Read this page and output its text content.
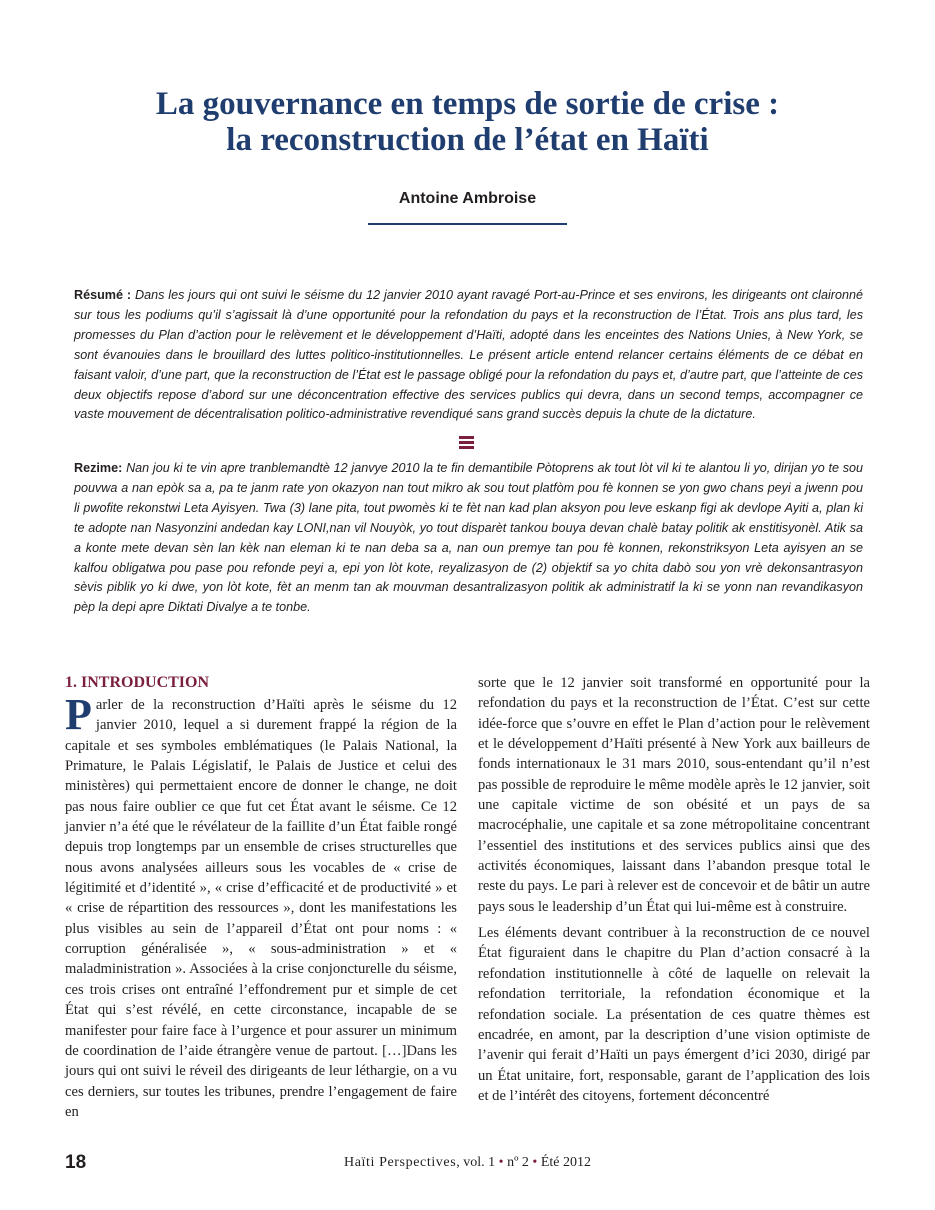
La gouvernance en temps de sortie de crise :
la reconstruction de l’état en Haïti
Antoine Ambroise

Résumé : Dans les jours qui ont suivi le séisme du 12 janvier 2010 ayant ravagé Port-au-Prince et ses environs, les dirigeants ont claironné sur tous les podiums qu’il s’agissait là d’une opportunité pour la refondation du pays et la reconstruction de l’État. Trois ans plus tard, les promesses du Plan d’action pour le relèvement et le développement d’Haïti, adopté dans les enceintes des Nations Unies, à New York, se sont évanouies dans le brouillard des luttes politico-institutionnelles. Le présent article entend relancer certains éléments de ce débat en faisant valoir, d’une part, que la reconstruction de l’État est le passage obligé pour la refondation du pays et, d’autre part, que l’atteinte de ces deux objectifs repose d’abord sur une déconcentration effective des services publics qui devra, dans un second temps, accompagner ce vaste mouvement de décentralisation politico-administrative revendiqué sans grand succès depuis la chute de la dictature.

Rezime: Nan jou ki te vin apre tranblemandtè 12 janvye 2010 la te fin demantibile Pòtoprens ak tout lòt vil ki te alantou li yo, dirijan yo te sou pouvwa a nan epòk sa a, pa te janm rate yon okazyon nan tout mikro ak sou tout platfòm pou fè konnen se yon gwo chans peyi a jwenn pou li pwofite rekonstwi Leta Ayisyen. Twa (3) lane pita, tout pwomès ki te fèt nan kad plan aksyon pou leve eskanp figi ak devlope Ayiti a, plan ki te adopte nan Nasyonzini andedan kay LONI,nan vil Nouyòk, yo tout disparèt tankou bouya devan chalè batay politik ak enstitisyonèl. Atik sa a konte mete devan sèn lan kèk nan eleman ki te nan deba sa a, nan oun premye tan pou fè konnen, rekonstriksyon Leta ayisyen an se kalfou obligatwa pou pase pou refonde peyi a, epi yon lòt kote, reyalizasyon de (2) objektif sa yo chita dabò sou yon vrè dekonsantrasyon sèvis piblik yo ki dwe, yon lòt kote, fèt an menm tan ak mouvman desantralizasyon politik ak administratif la ki se yonn nan revandikasyon pèp la depi apre Diktati Divalye a te tonbe.

1. INTRODUCTION

Parler de la reconstruction d’Haïti après le séisme du 12 janvier 2010, lequel a si durement frappé la région de la capitale et ses symboles emblématiques (le Palais National, la Primature, le Palais Législatif, le Palais de Justice et celui des ministères) qui permettaient encore de donner le change, ne doit pas nous faire oublier ce que fut cet État avant le séisme. Ce 12 janvier n’a été que le révélateur de la faillite d’un État faible rongé depuis trop longtemps par un ensemble de crises structurelles que nous avons analysées ailleurs sous les vocables de « crise de légitimité et d’identité », « crise d’efficacité et de productivité » et « crise de répartition des ressources », dont les manifestations les plus visibles au sein de l’appareil d’État ont pour noms : « corruption généralisée », « sous-administration » et « maladministration ». Associées à la crise conjoncturelle du séisme, ces trois crises ont entraîné l’effondrement pur et simple de cet État qui s’est révélé, en cette circonstance, incapable de se manifester pour faire face à l’urgence et pour assurer un minimum de coordination de l’aide étrangère venue de partout. […]Dans les jours qui ont suivi le réveil des dirigeants de leur léthargie, on a vu ces derniers, sur toutes les tribunes, prendre l’engagement de faire en

sorte que le 12 janvier soit transformé en opportunité pour la refondation du pays et la reconstruction de l’État. C’est sur cette idée-force que s’ouvre en effet le Plan d’action pour le relèvement et le développement d’Haïti présenté à New York aux bailleurs de fonds internationaux le 31 mars 2010, sous-entendant qu’il n’est pas possible de reproduire le même modèle après le 12 janvier, soit une capitale victime de son obésité et un pays de sa macrocéphalie, une capitale et sa zone métropolitaine concentrant l’essentiel des institutions et des services publics ainsi que des activités économiques, laissant dans l’abandon presque total le reste du pays. Le pari à relever est de concevoir et de bâtir un autre pays sous le leadership d’un État qui lui-même est à construire.

Les éléments devant contribuer à la reconstruction de ce nouvel État figuraient dans le chapitre du Plan d’action consacré à la refondation institutionnelle à côté de laquelle on relevait la refondation territoriale, la refondation économique et la refondation sociale. La présentation de ces quatre thèmes est encadrée, en amont, par la description d’une vision optimiste de l’avenir qui ferait d’Haïti un pays émergent d’ici 2030, dirigé par un État unitaire, fort, responsable, garant de l’application des lois et de l’intérêt des citoyens, fortement déconcentré

18	Haïti Perspectives, vol. 1 • nº 2 • Été 2012
